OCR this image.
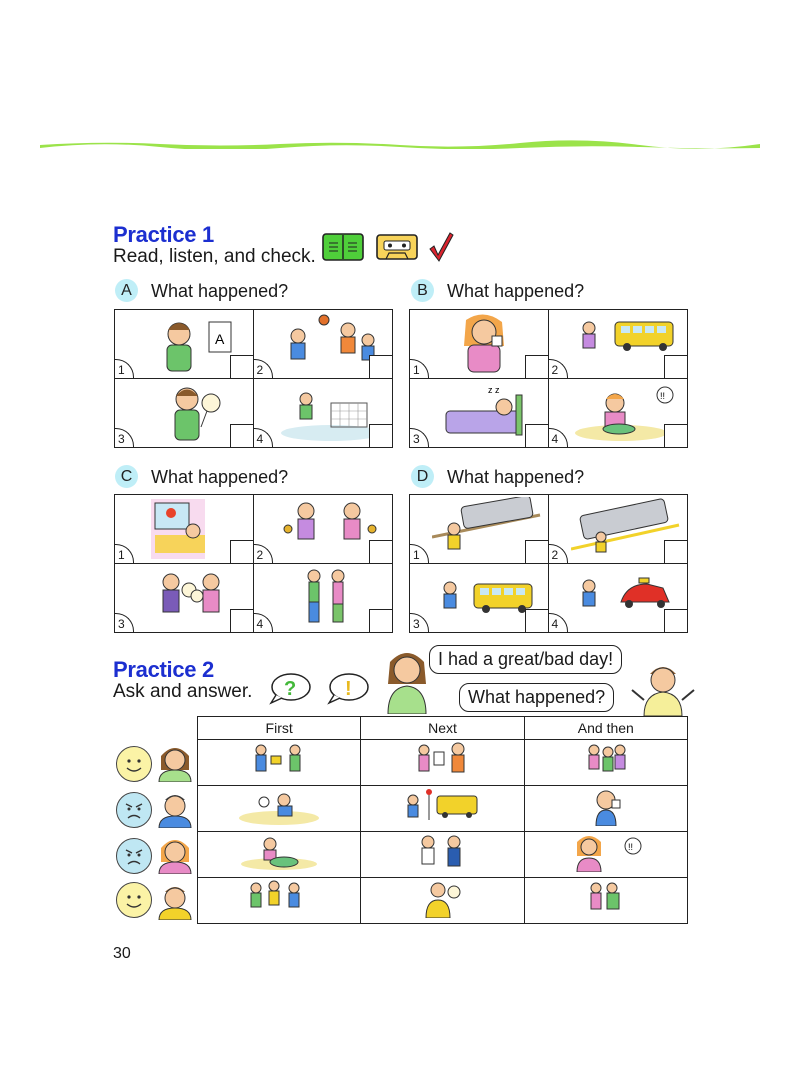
Practice 1
Read, listen, and check.
A	What happened?
A
1	2
3	4
B	What happened?
1	2
z z
3
!!
4
C	What happened?
1	2
3	4
D	What happened?
1	2
3	4
Practice 2
Ask and answer. ? !
I had a great/bad day!
What happened?
First	Next	And then

!!

30
